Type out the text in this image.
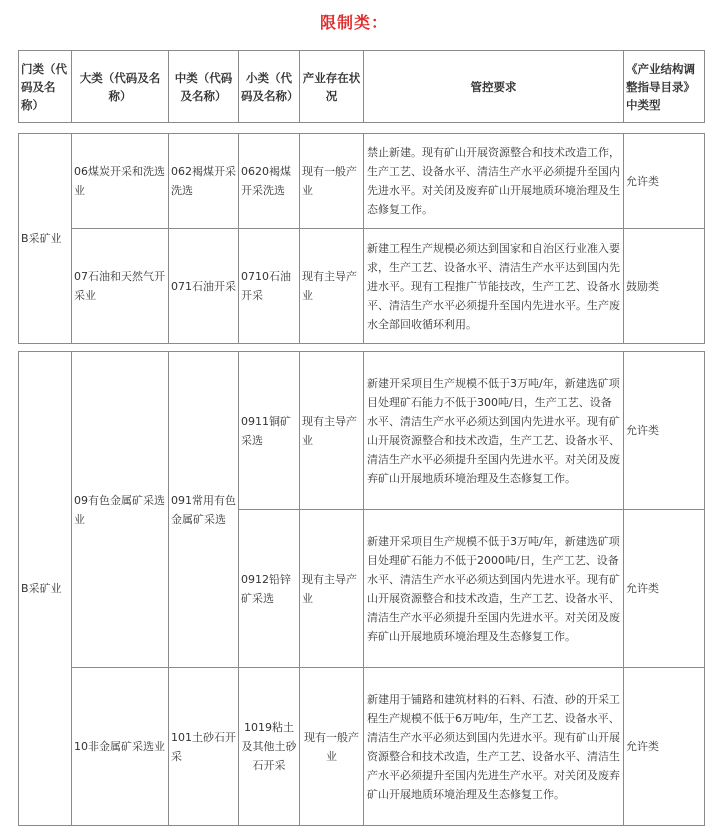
限制类：
门类（代码及名称）	大类（代码及名称）	中类（代码及名称）	小类（代码及名称）	产业存在状况	管控要求	《产业结构调整指导目录》中类型
B采矿业	06煤炭开采和洗选业	062褐煤开采洗选	0620褐煤开采洗选	现有一般产业	禁止新建。现有矿山开展资源整合和技术改造工作，生产工艺、设备水平、清洁生产水平必须提升至国内先进水平。对关闭及废弃矿山开展地质环境治理及生态修复工作。	允许类
	07石油和天然气开采业	071石油开采	0710石油开采	现有主导产业	新建工程生产规模必须达到国家和自治区行业准入要求，生产工艺、设备水平、清洁生产水平达到国内先进水平。现有工程推广节能技改，生产工艺、设备水平、清洁生产水平必须提升至国内先进水平。生产废水全部回收循环利用。	鼓励类
B采矿业	09有色金属矿采选业	091常用有色金属矿采选	0911铜矿采选	现有主导产业	新建开采项目生产规模不低于3万吨/年，新建选矿项目处理矿石能力不低于300吨/日，生产工艺、设备水平、清洁生产水平必须达到国内先进水平。现有矿山开展资源整合和技术改造，生产工艺、设备水平、清洁生产水平必须提升至国内先进水平。对关闭及废弃矿山开展地质环境治理及生态修复工作。	允许类
			0912铅锌矿采选	现有主导产业	新建开采项目生产规模不低于3万吨/年，新建选矿项目处理矿石能力不低于2000吨/日，生产工艺、设备水平、清洁生产水平必须达到国内先进水平。现有矿山开展资源整合和技术改造，生产工艺、设备水平、清洁生产水平必须提升至国内先进水平。对关闭及废弃矿山开展地质环境治理及生态修复工作。	允许类
	10非金属矿采选业	101土砂石开采	1019粘土及其他土砂石开采	现有一般产业	新建用于铺路和建筑材料的石料、石渣、砂的开采工程生产规模不低于6万吨/年，生产工艺、设备水平、清洁生产水平必须达到国内先进水平。现有矿山开展资源整合和技术改造，生产工艺、设备水平、清洁生产水平必须提升至国内先进生产水平。对关闭及废弃矿山开展地质环境治理及生态修复工作。	允许类
